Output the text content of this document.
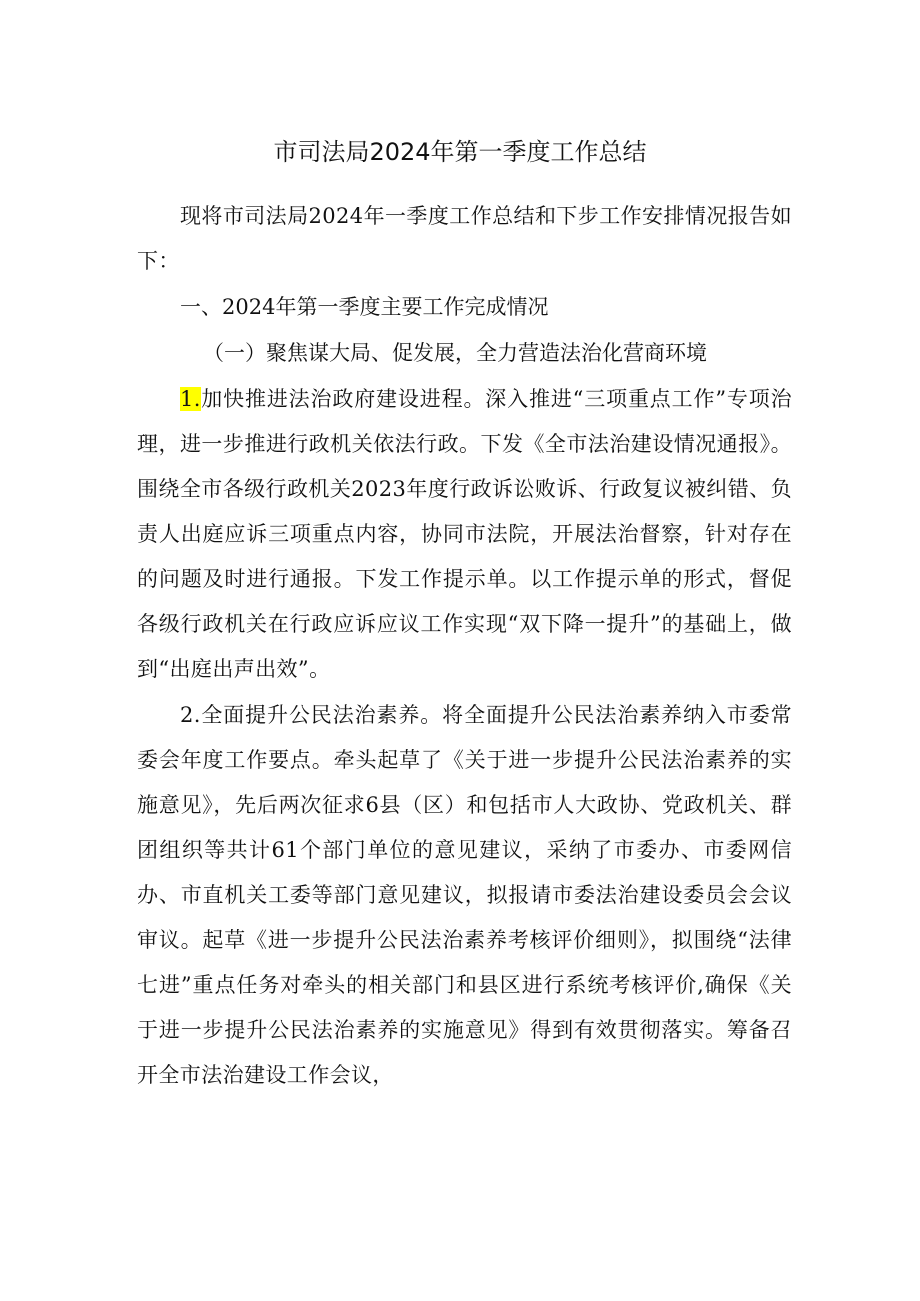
市司法局2024年第一季度工作总结

现将市司法局2024年一季度工作总结和下步工作安排情况报告如下：

一、2024年第一季度主要工作完成情况

（一）聚焦谋大局、促发展，全力营造法治化营商环境

1.加快推进法治政府建设进程。深入推进“三项重点工作”专项治理，进一步推进行政机关依法行政。下发《全市法治建设情况通报》。围绕全市各级行政机关2023年度行政诉讼败诉、行政复议被纠错、负责人出庭应诉三项重点内容，协同市法院，开展法治督察，针对存在的问题及时进行通报。下发工作提示单。以工作提示单的形式，督促各级行政机关在行政应诉应议工作实现“双下降一提升”的基础上，做到“出庭出声出效”。

2.全面提升公民法治素养。将全面提升公民法治素养纳入市委常委会年度工作要点。牵头起草了《关于进一步提升公民法治素养的实施意见》，先后两次征求6县（区）和包括市人大政协、党政机关、群团组织等共计61个部门单位的意见建议，采纳了市委办、市委网信办、市直机关工委等部门意见建议，拟报请市委法治建设委员会会议审议。起草《进一步提升公民法治素养考核评价细则》，拟围绕“法律七进”重点任务对牵头的相关部门和县区进行系统考核评价,确保《关于进一步提升公民法治素养的实施意见》得到有效贯彻落实。筹备召开全市法治建设工作会议，
